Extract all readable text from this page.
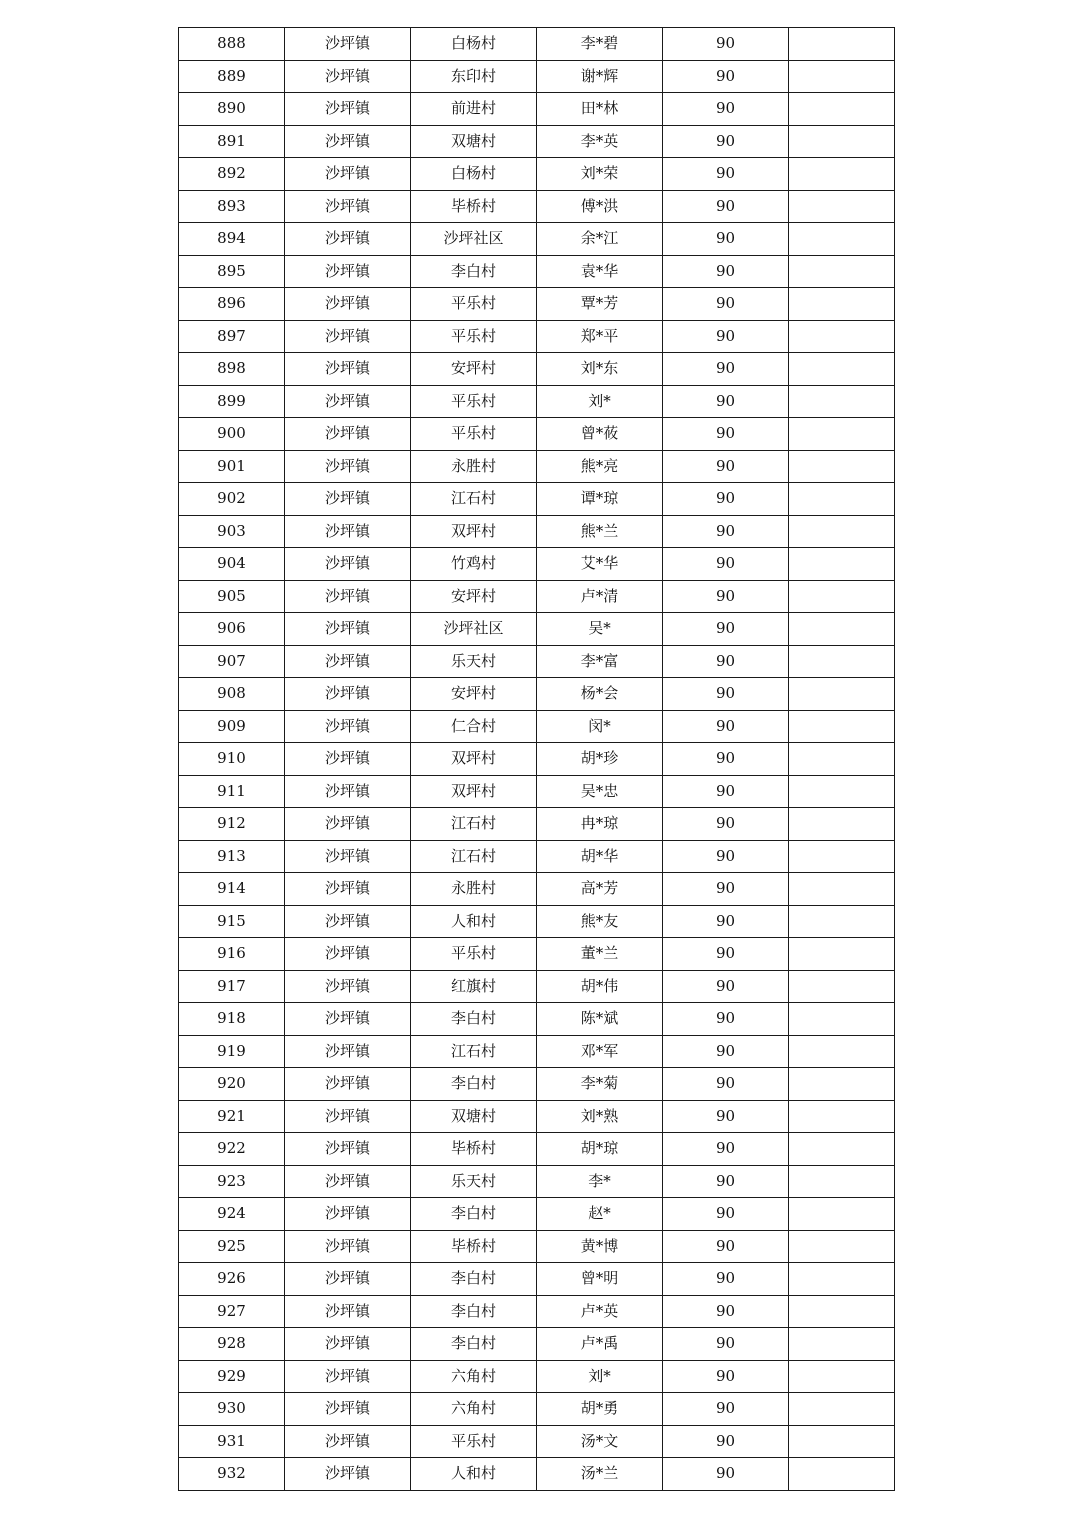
888	沙坪镇	白杨村	李*碧	90	
889	沙坪镇	东印村	谢*辉	90	
890	沙坪镇	前进村	田*林	90	
891	沙坪镇	双塘村	李*英	90	
892	沙坪镇	白杨村	刘*荣	90	
893	沙坪镇	毕桥村	傅*洪	90	
894	沙坪镇	沙坪社区	余*江	90	
895	沙坪镇	李白村	袁*华	90	
896	沙坪镇	平乐村	覃*芳	90	
897	沙坪镇	平乐村	郑*平	90	
898	沙坪镇	安坪村	刘*东	90	
899	沙坪镇	平乐村	刘*	90	
900	沙坪镇	平乐村	曾*莜	90	
901	沙坪镇	永胜村	熊*亮	90	
902	沙坪镇	江石村	谭*琼	90	
903	沙坪镇	双坪村	熊*兰	90	
904	沙坪镇	竹鸡村	艾*华	90	
905	沙坪镇	安坪村	卢*清	90	
906	沙坪镇	沙坪社区	吴*	90	
907	沙坪镇	乐天村	李*富	90	
908	沙坪镇	安坪村	杨*会	90	
909	沙坪镇	仁合村	闵*	90	
910	沙坪镇	双坪村	胡*珍	90	
911	沙坪镇	双坪村	吴*忠	90	
912	沙坪镇	江石村	冉*琼	90	
913	沙坪镇	江石村	胡*华	90	
914	沙坪镇	永胜村	高*芳	90	
915	沙坪镇	人和村	熊*友	90	
916	沙坪镇	平乐村	董*兰	90	
917	沙坪镇	红旗村	胡*伟	90	
918	沙坪镇	李白村	陈*斌	90	
919	沙坪镇	江石村	邓*军	90	
920	沙坪镇	李白村	李*菊	90	
921	沙坪镇	双塘村	刘*熟	90	
922	沙坪镇	毕桥村	胡*琼	90	
923	沙坪镇	乐天村	李*	90	
924	沙坪镇	李白村	赵*	90	
925	沙坪镇	毕桥村	黄*博	90	
926	沙坪镇	李白村	曾*明	90	
927	沙坪镇	李白村	卢*英	90	
928	沙坪镇	李白村	卢*禹	90	
929	沙坪镇	六角村	刘*	90	
930	沙坪镇	六角村	胡*勇	90	
931	沙坪镇	平乐村	汤*文	90	
932	沙坪镇	人和村	汤*兰	90	
